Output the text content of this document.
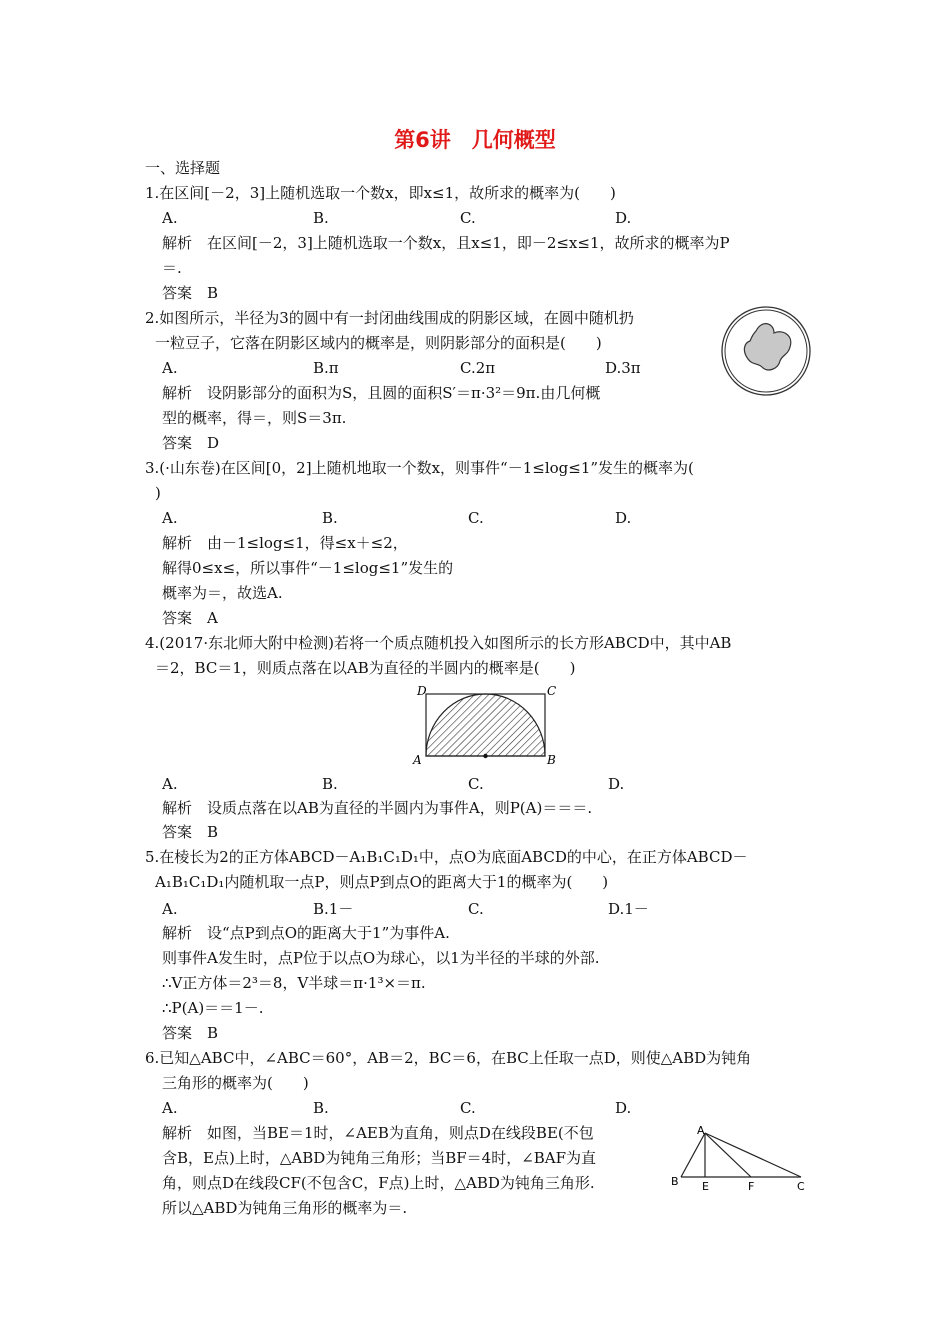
第6讲　几何概型
一、选择题
1.在区间[－2，3]上随机选取一个数x，即x≤1，故所求的概率为(　　)
A.	B.	C.	D.
解析　在区间[－2，3]上随机选取一个数x，且x≤1，即－2≤x≤1，故所求的概率为P
＝.
答案　B
2.如图所示，半径为3的圆中有一封闭曲线围成的阴影区域，在圆中随机扔
一粒豆子，它落在阴影区域内的概率是，则阴影部分的面积是(　　)
A.	B.π	C.2π	D.3π
解析　设阴影部分的面积为S，且圆的面积S′＝π·3²＝9π.由几何概
型的概率，得＝，则S＝3π.
答案　D
3.(·山东卷)在区间[0，2]上随机地取一个数x，则事件“－1≤log≤1”发生的概率为(
)
A.	B.	C.	D.
解析　由－1≤log≤1，得≤x＋≤2，
解得0≤x≤，所以事件“－1≤log≤1”发生的
概率为＝，故选A.
答案　A
4.(2017·东北师大附中检测)若将一个质点随机投入如图所示的长方形ABCD中，其中AB
＝2，BC＝1，则质点落在以AB为直径的半圆内的概率是(　　)
D	C
A	B
A.	B.	C.	D.
解析　设质点落在以AB为直径的半圆内为事件A，则P(A)＝＝＝.
答案　B
5.在棱长为2的正方体ABCD－A₁B₁C₁D₁中，点O为底面ABCD的中心，在正方体ABCD－
A₁B₁C₁D₁内随机取一点P，则点P到点O的距离大于1的概率为(　　)
A.	B.1－	C.	D.1－
解析　设“点P到点O的距离大于1”为事件A.
则事件A发生时，点P位于以点O为球心，以1为半径的半球的外部.
∴V正方体＝2³＝8，V半球＝π·1³×＝π.
∴P(A)＝＝1－.
答案　B
6.已知△ABC中，∠ABC＝60°，AB＝2，BC＝6，在BC上任取一点D，则使△ABD为钝角
三角形的概率为(　　)
A.	B.	C.	D.
解析　如图，当BE＝1时，∠AEB为直角，则点D在线段BE(不包
含B，E点)上时，△ABD为钝角三角形；当BF＝4时，∠BAF为直
角，则点D在线段CF(不包含C，F点)上时，△ABD为钝角三角形.
所以△ABD为钝角三角形的概率为＝.
A
B E	F	C
